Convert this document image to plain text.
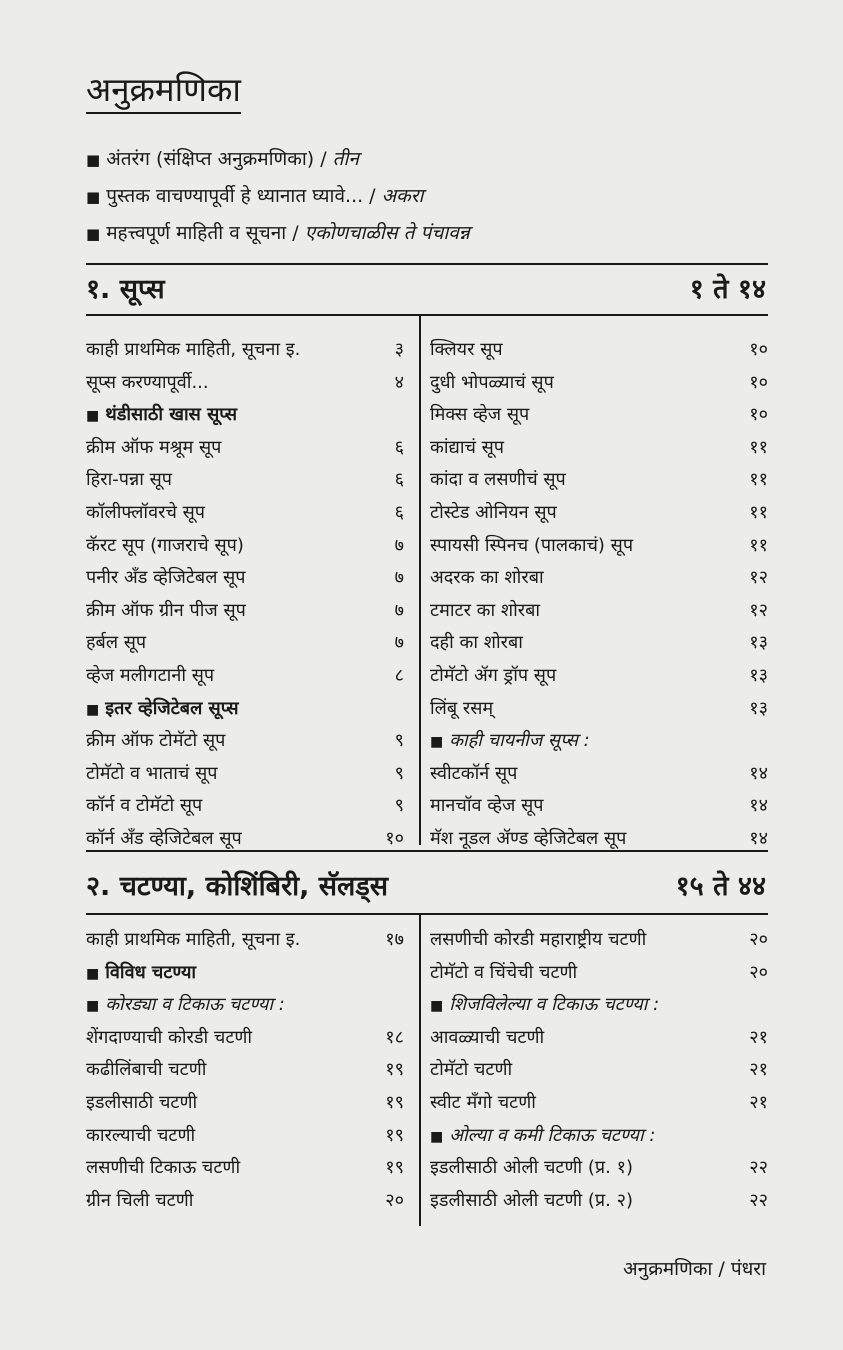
अनुक्रमणिका
■ अंतरंग (संक्षिप्त अनुक्रमणिका) / तीन
■ पुस्तक वाचण्यापूर्वी हे ध्यानात घ्यावे... / अकरा
■ महत्त्वपूर्ण माहिती व सूचना / एकोणचाळीस ते पंचावन्न
१. सूप्स	१ ते १४
काही प्राथमिक माहिती, सूचना इ.	३
सूप्स करण्यापूर्वी...	४
■ थंडीसाठी खास सूप्स
क्रीम ऑफ मश्रूम सूप	६
हिरा-पन्ना सूप	६
कॉलीफ्लॉवरचे सूप	६
कॅरट सूप (गाजराचे सूप)	७
पनीर अँड व्हेजिटेबल सूप	७
क्रीम ऑफ ग्रीन पीज सूप	७
हर्बल सूप	७
व्हेज मलीगटानी सूप	८
■ इतर व्हेजिटेबल सूप्स
क्रीम ऑफ टोमॅटो सूप	९
टोमॅटो व भाताचं सूप	९
कॉर्न व टोमॅटो सूप	९
कॉर्न अँड व्हेजिटेबल सूप	१०
क्लियर सूप	१०
दुधी भोपळ्याचं सूप	१०
मिक्स व्हेज सूप	१०
कांद्याचं सूप	११
कांदा व लसणीचं सूप	११
टोस्टेड ओनियन सूप	११
स्पायसी स्पिनच (पालकाचं) सूप	११
अदरक का शोरबा	१२
टमाटर का शोरबा	१२
दही का शोरबा	१३
टोमॅटो ॲग ड्रॉप सूप	१३
लिंबू रसम्	१३
■ काही चायनीज सूप्स :
स्वीटकॉर्न सूप	१४
मानचॉव व्हेज सूप	१४
मॅश नूडल ॲण्ड व्हेजिटेबल सूप	१४
२. चटण्या, कोशिंबिरी, सॅलड्स	१५ ते ४४
काही प्राथमिक माहिती, सूचना इ.	१७
■ विविध चटण्या
■ कोरड्या व टिकाऊ चटण्या :
शेंगदाण्याची कोरडी चटणी	१८
कढीलिंबाची चटणी	१९
इडलीसाठी चटणी	१९
कारल्याची चटणी	१९
लसणीची टिकाऊ चटणी	१९
ग्रीन चिली चटणी	२०
लसणीची कोरडी महाराष्ट्रीय चटणी	२०
टोमॅटो व चिंचेची चटणी	२०
■ शिजविलेल्या व टिकाऊ चटण्या :
आवळ्याची चटणी	२१
टोमॅटो चटणी	२१
स्वीट मँगो चटणी	२१
■ ओल्या व कमी टिकाऊ चटण्या :
इडलीसाठी ओली चटणी (प्र. १)	२२
इडलीसाठी ओली चटणी (प्र. २)	२२
अनुक्रमणिका / पंधरा
